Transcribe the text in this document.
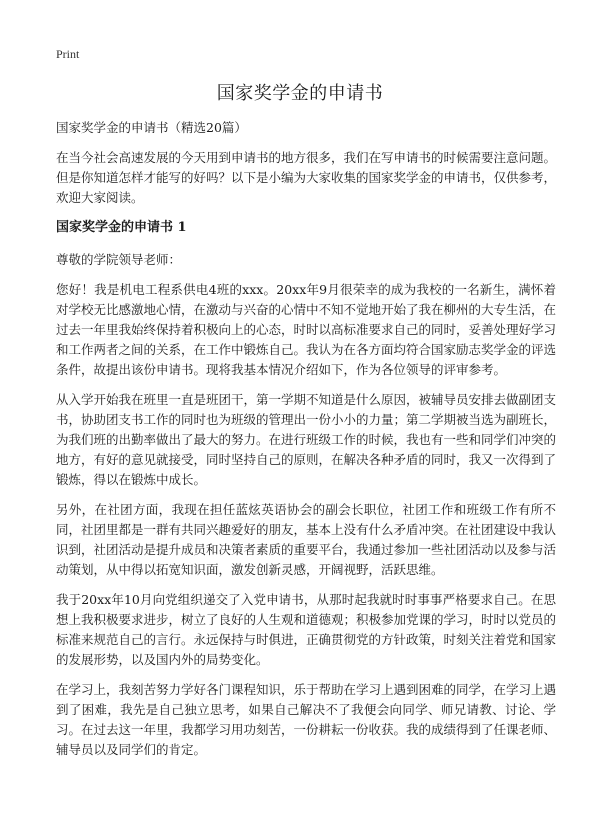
Print
国家奖学金的申请书

国家奖学金的申请书（精选20篇）

在当今社会高速发展的今天用到申请书的地方很多，我们在写申请书的时候需要注意问题。但是你知道怎样才能写的好吗？以下是小编为大家收集的国家奖学金的申请书，仅供参考，欢迎大家阅读。

国家奖学金的申请书 1

尊敬的学院领导老师：

您好！我是机电工程系供电4班的xxx。20xx年9月很荣幸的成为我校的一名新生，满怀着对学校无比感激地心情，在激动与兴奋的心情中不知不觉地开始了我在柳州的大专生活，在过去一年里我始终保持着积极向上的心态，时时以高标准要求自己的同时，妥善处理好学习和工作两者之间的关系，在工作中锻炼自己。我认为在各方面均符合国家励志奖学金的评选条件，故提出该份申请书。现将我基本情况介绍如下，作为各位领导的评审参考。

从入学开始我在班里一直是班团干，第一学期不知道是什么原因，被辅导员安排去做副团支书，协助团支书工作的同时也为班级的管理出一份小小的力量；第二学期被当选为副班长，为我们班的出勤率做出了最大的努力。在进行班级工作的时候，我也有一些和同学们冲突的地方，有好的意见就接受，同时坚持自己的原则，在解决各种矛盾的同时，我又一次得到了锻炼，得以在锻炼中成长。

另外，在社团方面，我现在担任蓝炫英语协会的副会长职位，社团工作和班级工作有所不同，社团里都是一群有共同兴趣爱好的朋友，基本上没有什么矛盾冲突。在社团建设中我认识到，社团活动是提升成员和决策者素质的重要平台，我通过参加一些社团活动以及参与活动策划，从中得以拓宽知识面，激发创新灵感，开阔视野，活跃思维。

我于20xx年10月向党组织递交了入党申请书，从那时起我就时时事事严格要求自己。在思想上我积极要求进步，树立了良好的人生观和道德观；积极参加党课的学习，时时以党员的标准来规范自己的言行。永远保持与时俱进，正确贯彻党的方针政策，时刻关注着党和国家的发展形势，以及国内外的局势变化。

在学习上，我刻苦努力学好各门课程知识，乐于帮助在学习上遇到困难的同学，在学习上遇到了困难，我先是自己独立思考，如果自己解决不了我便会向同学、师兄请教、讨论、学习。在过去这一年里，我都学习用功刻苦，一份耕耘一份收获。我的成绩得到了任课老师、辅导员以及同学们的肯定。
